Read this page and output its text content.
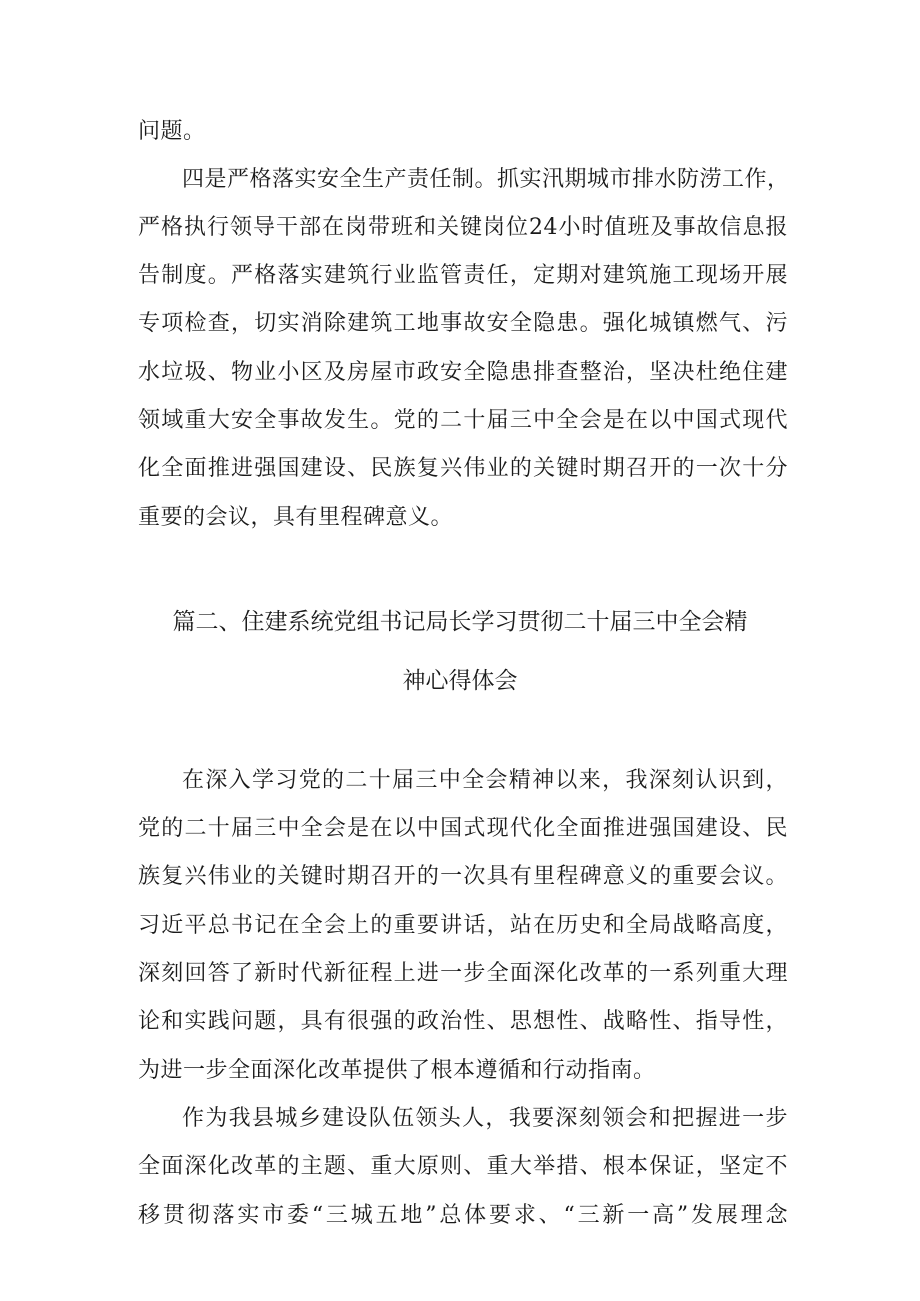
问题。
四是严格落实安全生产责任制。抓实汛期城市排水防涝工作，
严格执行领导干部在岗带班和关键岗位24小时值班及事故信息报
告制度。严格落实建筑行业监管责任，定期对建筑施工现场开展
专项检查，切实消除建筑工地事故安全隐患。强化城镇燃气、污
水垃圾、物业小区及房屋市政安全隐患排查整治，坚决杜绝住建
领域重大安全事故发生。党的二十届三中全会是在以中国式现代
化全面推进强国建设、民族复兴伟业的关键时期召开的一次十分
重要的会议，具有里程碑意义。
篇二、住建系统党组书记局长学习贯彻二十届三中全会精
神心得体会
在深入学习党的二十届三中全会精神以来，我深刻认识到，
党的二十届三中全会是在以中国式现代化全面推进强国建设、民
族复兴伟业的关键时期召开的一次具有里程碑意义的重要会议。
习近平总书记在全会上的重要讲话，站在历史和全局战略高度，
深刻回答了新时代新征程上进一步全面深化改革的一系列重大理
论和实践问题，具有很强的政治性、思想性、战略性、指导性，
为进一步全面深化改革提供了根本遵循和行动指南。
作为我县城乡建设队伍领头人，我要深刻领会和把握进一步
全面深化改革的主题、重大原则、重大举措、根本保证，坚定不
移贯彻落实市委“三城五地”总体要求、“三新一高”发展理念
